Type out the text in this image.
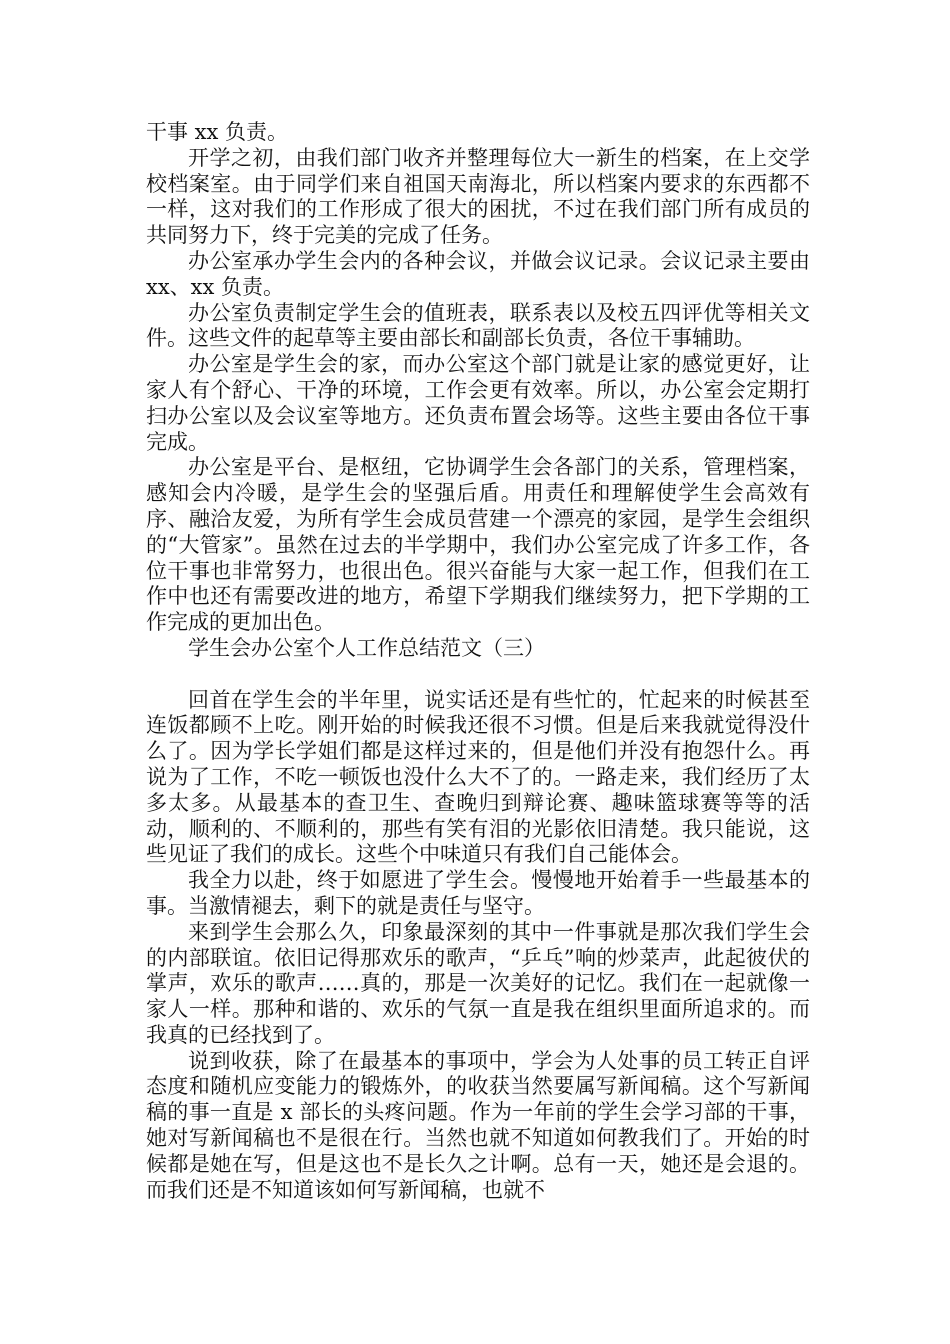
干事 xx 负责。

开学之初，由我们部门收齐并整理每位大一新生的档案，在上交学校档案室。由于同学们来自祖国天南海北，所以档案内要求的东西都不一样，这对我们的工作形成了很大的困扰，不过在我们部门所有成员的共同努力下，终于完美的完成了任务。

办公室承办学生会内的各种会议，并做会议记录。会议记录主要由 xx、xx 负责。

办公室负责制定学生会的值班表，联系表以及校五四评优等相关文件。这些文件的起草等主要由部长和副部长负责，各位干事辅助。

办公室是学生会的家，而办公室这个部门就是让家的感觉更好，让家人有个舒心、干净的环境，工作会更有效率。所以，办公室会定期打扫办公室以及会议室等地方。还负责布置会场等。这些主要由各位干事完成。

办公室是平台、是枢纽，它协调学生会各部门的关系，管理档案，感知会内冷暖，是学生会的坚强后盾。用责任和理解使学生会高效有序、融洽友爱，为所有学生会成员营建一个漂亮的家园，是学生会组织的“大管家”。虽然在过去的半学期中，我们办公室完成了许多工作，各位干事也非常努力，也很出色。很兴奋能与大家一起工作，但我们在工作中也还有需要改进的地方，希望下学期我们继续努力，把下学期的工作完成的更加出色。

学生会办公室个人工作总结范文（三）

回首在学生会的半年里，说实话还是有些忙的，忙起来的时候甚至连饭都顾不上吃。刚开始的时候我还很不习惯。但是后来我就觉得没什么了。因为学长学姐们都是这样过来的，但是他们并没有抱怨什么。再说为了工作，不吃一顿饭也没什么大不了的。一路走来，我们经历了太多太多。从最基本的查卫生、查晚归到辩论赛、趣味篮球赛等等的活动，顺利的、不顺利的，那些有笑有泪的光影依旧清楚。我只能说，这些见证了我们的成长。这些个中味道只有我们自己能体会。

我全力以赴，终于如愿进了学生会。慢慢地开始着手一些最基本的事。当激情褪去，剩下的就是责任与坚守。

来到学生会那么久，印象最深刻的其中一件事就是那次我们学生会的内部联谊。依旧记得那欢乐的歌声，“乒乓”响的炒菜声，此起彼伏的掌声，欢乐的歌声……真的，那是一次美好的记忆。我们在一起就像一家人一样。那种和谐的、欢乐的气氛一直是我在组织里面所追求的。而我真的已经找到了。

说到收获，除了在最基本的事项中，学会为人处事的员工转正自评态度和随机应变能力的锻炼外，的收获当然要属写新闻稿。这个写新闻稿的事一直是 x 部长的头疼问题。作为一年前的学生会学习部的干事，她对写新闻稿也不是很在行。当然也就不知道如何教我们了。开始的时候都是她在写，但是这也不是长久之计啊。总有一天，她还是会退的。而我们还是不知道该如何写新闻稿，也就不
